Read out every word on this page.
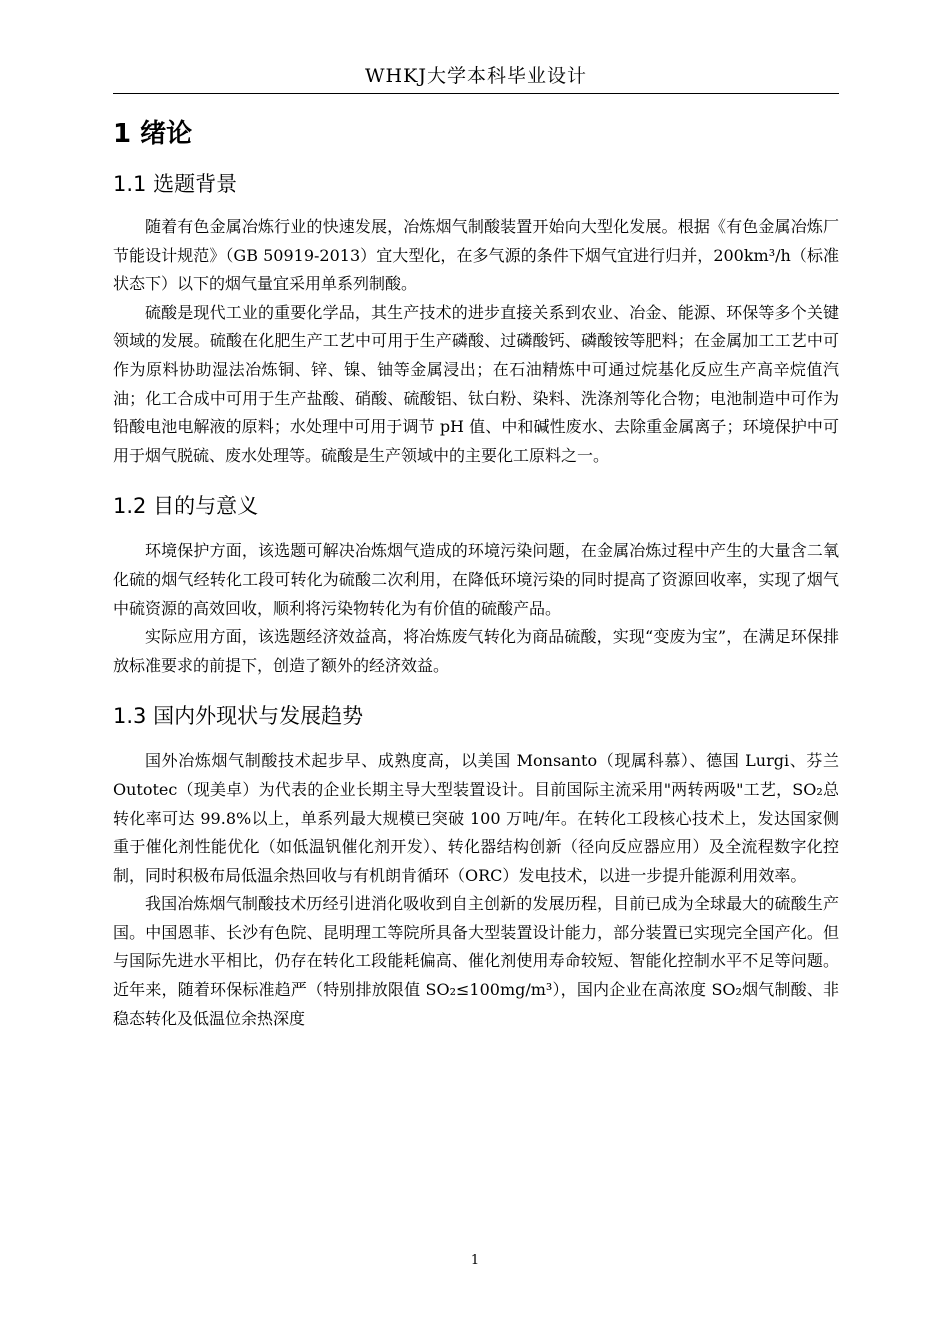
WHKJ大学本科毕业设计
1 绪论
1.1 选题背景

随着有色金属冶炼行业的快速发展，冶炼烟气制酸装置开始向大型化发展。根据《有色金属冶炼厂节能设计规范》（GB 50919-2013）宜大型化，在多气源的条件下烟气宜进行归并，200km³/h（标准状态下）以下的烟气量宜采用单系列制酸。

硫酸是现代工业的重要化学品，其生产技术的进步直接关系到农业、冶金、能源、环保等多个关键领域的发展。硫酸在化肥生产工艺中可用于生产磷酸、过磷酸钙、磷酸铵等肥料；在金属加工工艺中可作为原料协助湿法冶炼铜、锌、镍、铀等金属浸出；在石油精炼中可通过烷基化反应生产高辛烷值汽油；化工合成中可用于生产盐酸、硝酸、硫酸铝、钛白粉、染料、洗涤剂等化合物；电池制造中可作为铅酸电池电解液的原料；水处理中可用于调节 pH 值、中和碱性废水、去除重金属离子；环境保护中可用于烟气脱硫、废水处理等。硫酸是生产领域中的主要化工原料之一。

1.2 目的与意义

环境保护方面，该选题可解决冶炼烟气造成的环境污染问题，在金属冶炼过程中产生的大量含二氧化硫的烟气经转化工段可转化为硫酸二次利用，在降低环境污染的同时提高了资源回收率，实现了烟气中硫资源的高效回收，顺利将污染物转化为有价值的硫酸产品。

实际应用方面，该选题经济效益高，将冶炼废气转化为商品硫酸，实现“变废为宝”，在满足环保排放标准要求的前提下，创造了额外的经济效益。

1.3 国内外现状与发展趋势

国外冶炼烟气制酸技术起步早、成熟度高，以美国 Monsanto（现属科慕）、德国 Lurgi、芬兰 Outotec（现美卓）为代表的企业长期主导大型装置设计。目前国际主流采用"两转两吸"工艺，SO₂总转化率可达 99.8%以上，单系列最大规模已突破 100 万吨/年。在转化工段核心技术上，发达国家侧重于催化剂性能优化（如低温钒催化剂开发）、转化器结构创新（径向反应器应用）及全流程数字化控制，同时积极布局低温余热回收与有机朗肯循环（ORC）发电技术，以进一步提升能源利用效率。

我国冶炼烟气制酸技术历经引进消化吸收到自主创新的发展历程，目前已成为全球最大的硫酸生产国。中国恩菲、长沙有色院、昆明理工等院所具备大型装置设计能力，部分装置已实现完全国产化。但与国际先进水平相比，仍存在转化工段能耗偏高、催化剂使用寿命较短、智能化控制水平不足等问题。近年来，随着环保标准趋严（特别排放限值 SO₂≤100mg/m³），国内企业在高浓度 SO₂烟气制酸、非稳态转化及低温位余热深度

1
